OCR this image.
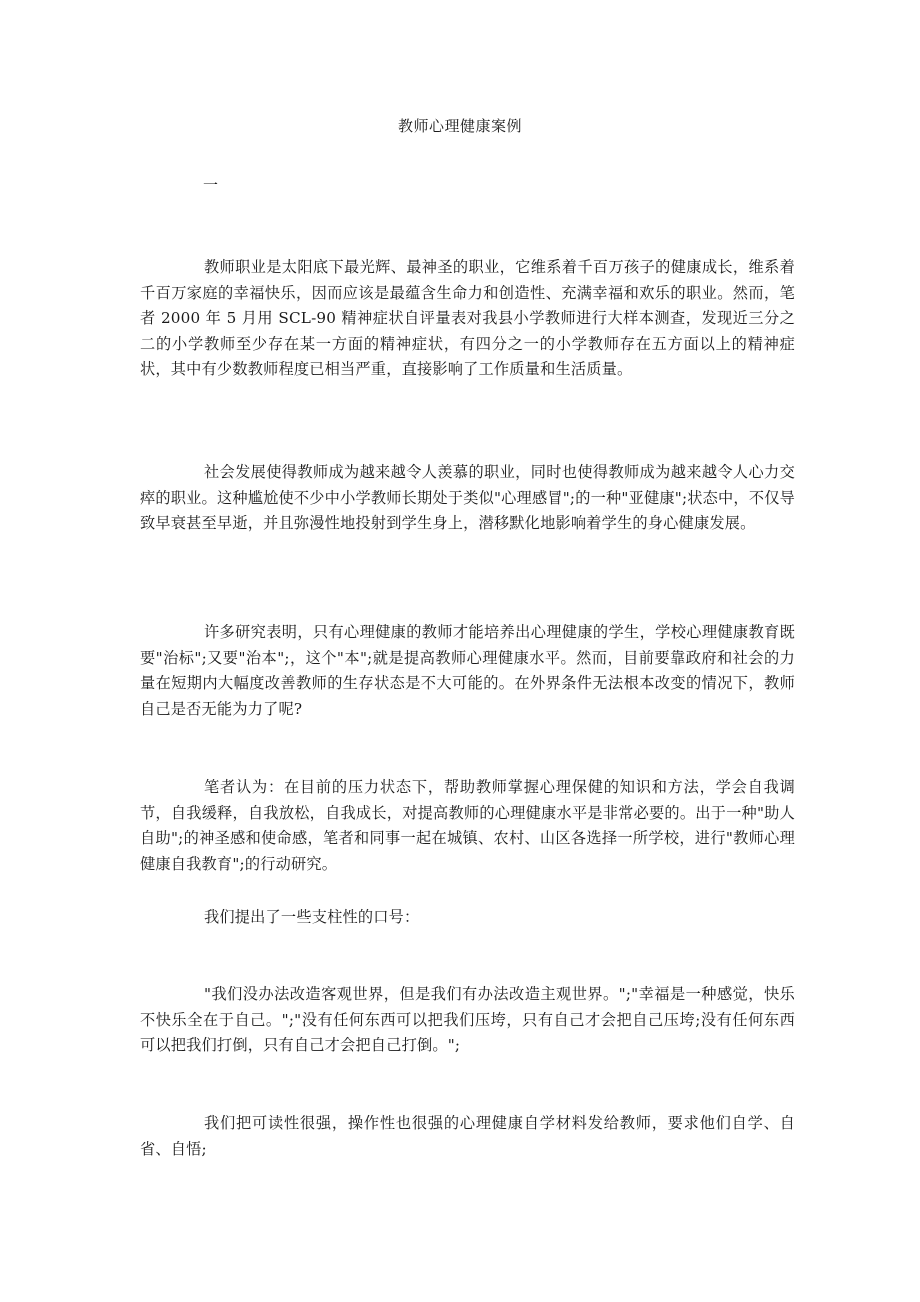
教师心理健康案例
一

教师职业是太阳底下最光辉、最神圣的职业，它维系着千百万孩子的健康成长，维系着千百万家庭的幸福快乐，因而应该是最蕴含生命力和创造性、充满幸福和欢乐的职业。然而，笔者 2000 年 5 月用 SCL-90 精神症状自评量表对我县小学教师进行大样本测查，发现近三分之二的小学教师至少存在某一方面的精神症状，有四分之一的小学教师存在五方面以上的精神症状，其中有少数教师程度已相当严重，直接影响了工作质量和生活质量。

社会发展使得教师成为越来越令人羡慕的职业，同时也使得教师成为越来越令人心力交瘁的职业。这种尴尬使不少中小学教师长期处于类似"心理感冒";的一种"亚健康";状态中，不仅导致早衰甚至早逝，并且弥漫性地投射到学生身上，潜移默化地影响着学生的身心健康发展。

许多研究表明，只有心理健康的教师才能培养出心理健康的学生，学校心理健康教育既要"治标";又要"治本";，这个"本";就是提高教师心理健康水平。然而，目前要靠政府和社会的力量在短期内大幅度改善教师的生存状态是不大可能的。在外界条件无法根本改变的情况下，教师自己是否无能为力了呢?

笔者认为：在目前的压力状态下，帮助教师掌握心理保健的知识和方法，学会自我调节，自我缓释，自我放松，自我成长，对提高教师的心理健康水平是非常必要的。出于一种"助人自助";的神圣感和使命感，笔者和同事一起在城镇、农村、山区各选择一所学校，进行"教师心理健康自我教育";的行动研究。

我们提出了一些支柱性的口号：

"我们没办法改造客观世界，但是我们有办法改造主观世界。";"幸福是一种感觉，快乐不快乐全在于自己。";"没有任何东西可以把我们压垮，只有自己才会把自己压垮;没有任何东西可以把我们打倒，只有自己才会把自己打倒。";

我们把可读性很强，操作性也很强的心理健康自学材料发给教师，要求他们自学、自省、自悟;
